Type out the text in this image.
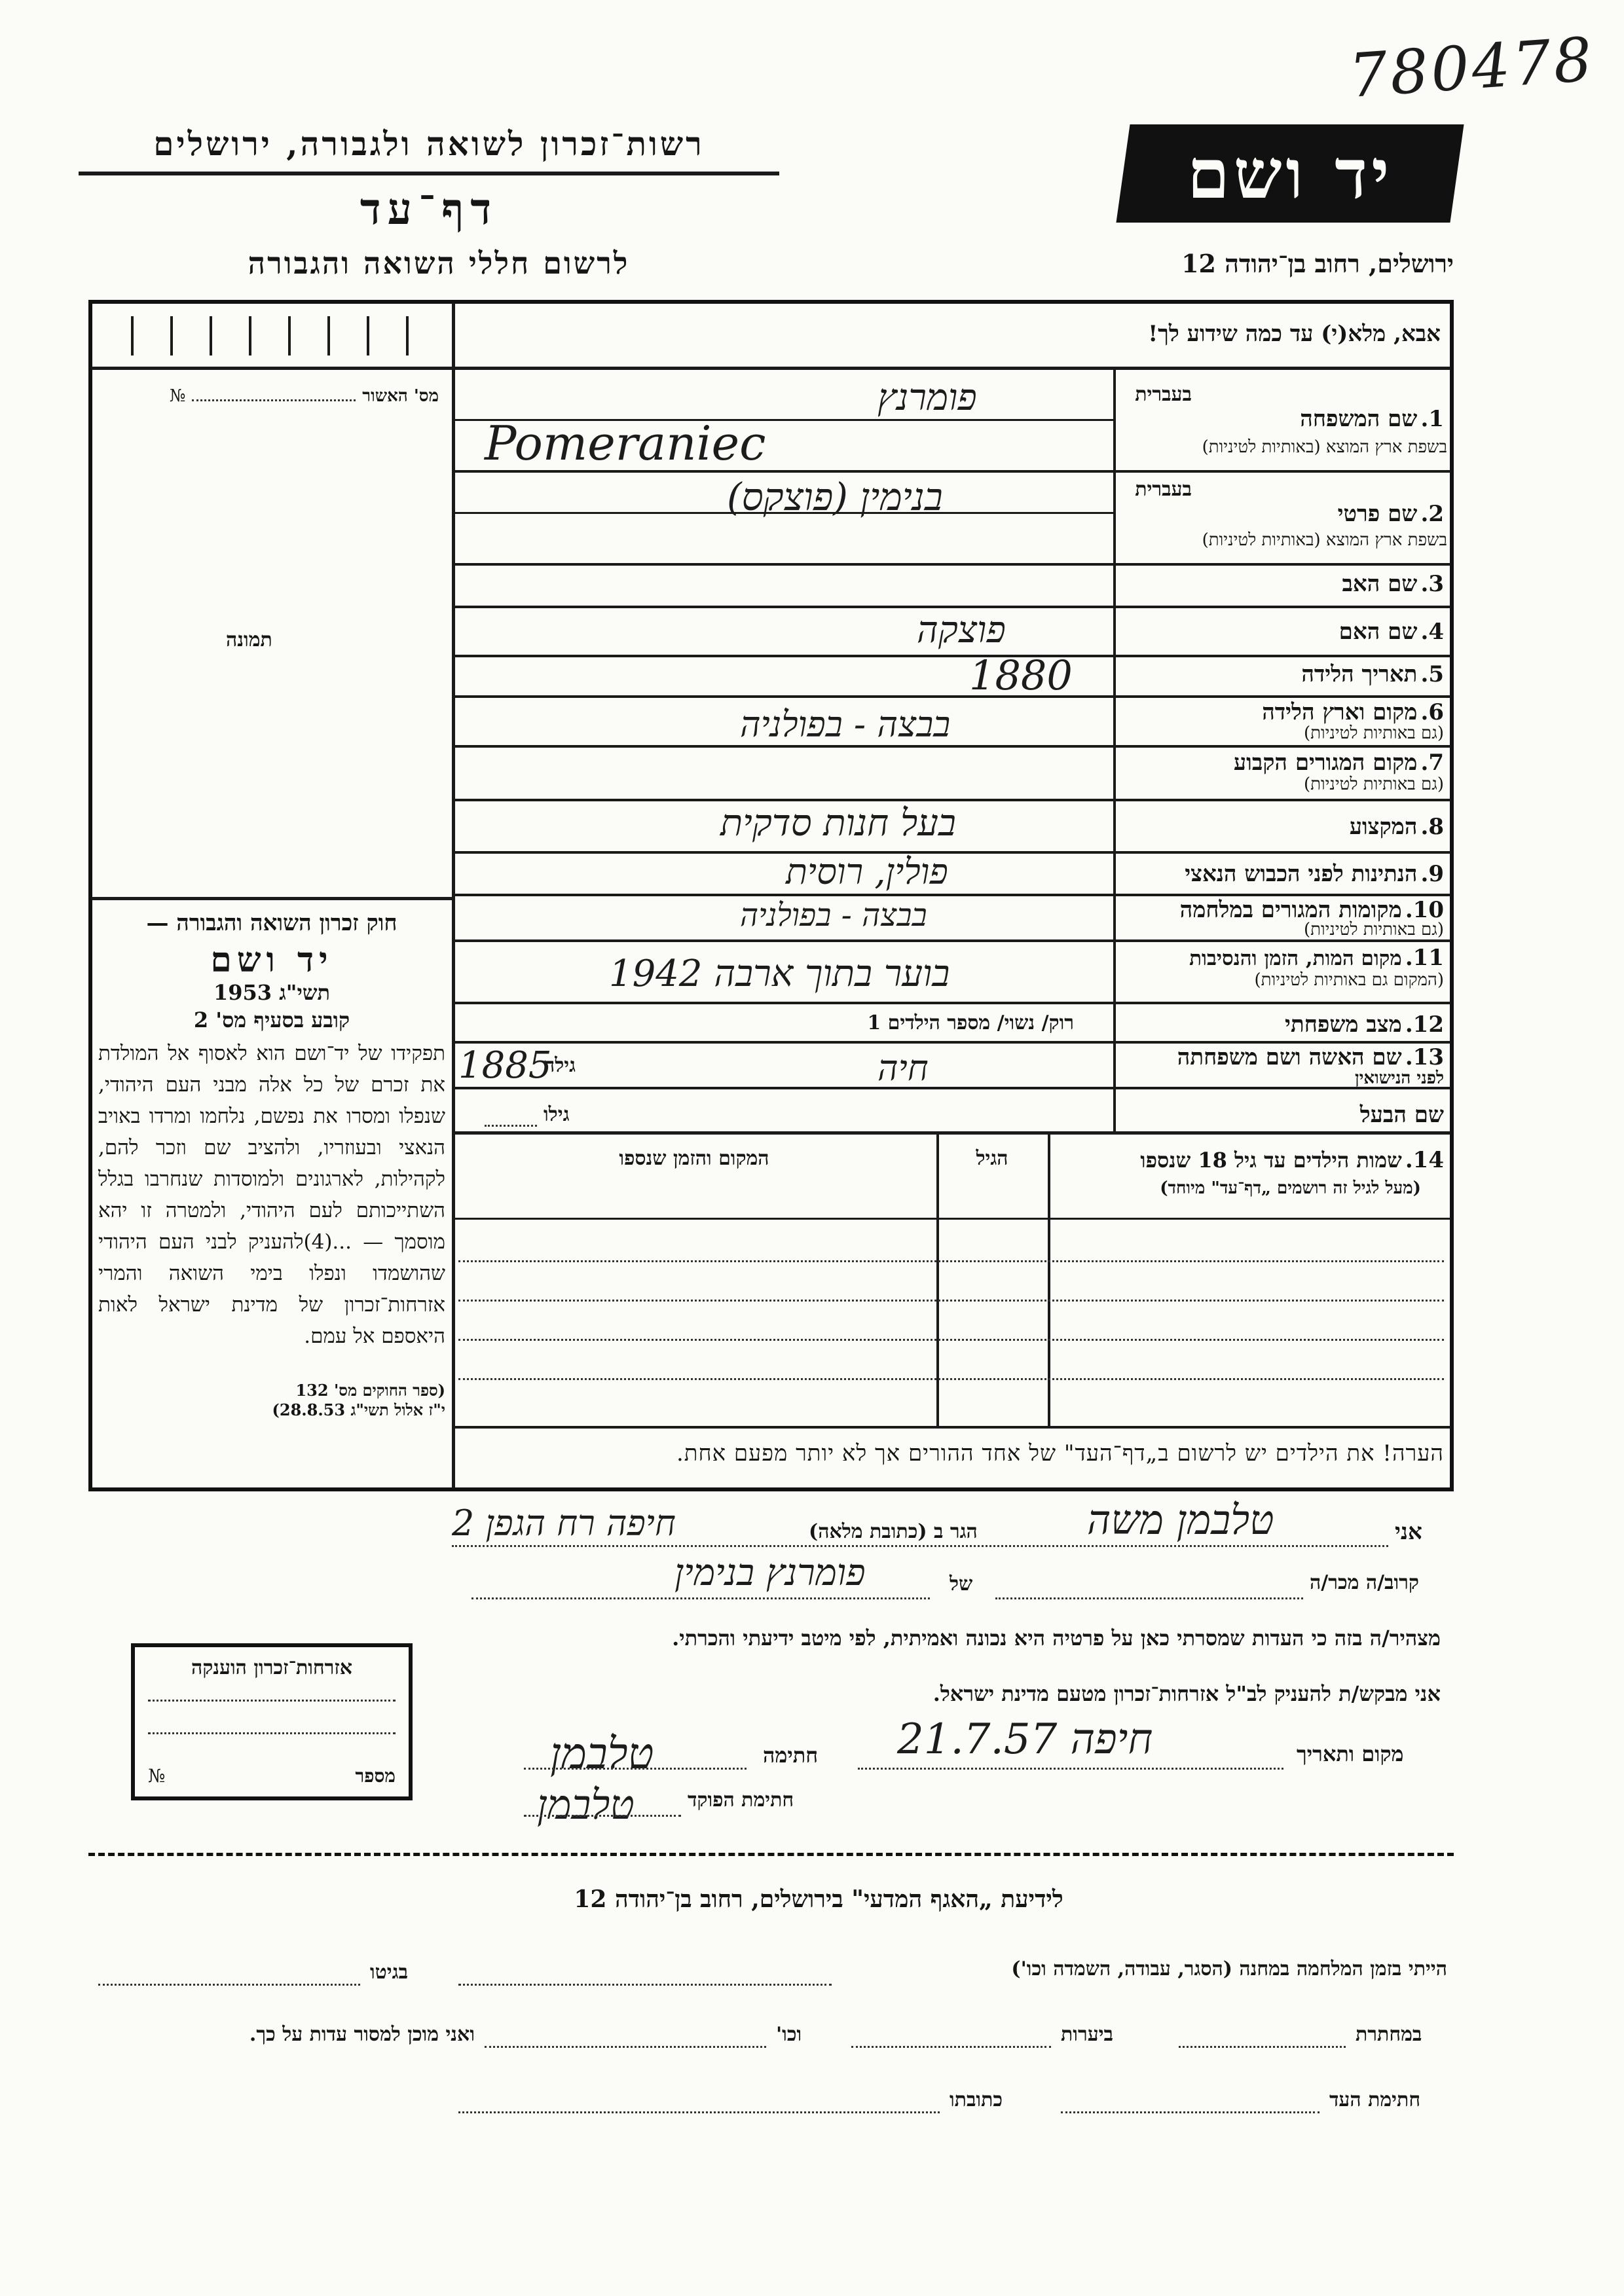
780478
רשות־זכרון לשואה ולגבורה, ירושלים
דף־עד
לרשום חללי השואה והגבורה
יד ושם
ירושלים, רחוב בן־יהודה 12
אבא, מלא(י) עד כמה שידוע לך!
מס' האשור
№
תמונה
חוק זכרון השואה והגבורה —
יד ושם
תשי"ג 1953
קובע בסעיף מס' 2
תפקידו של יד־ושם הוא לאסוף אל המולדת את זכרם של כל אלה מבני העם היהודי, שנפלו ומסרו את נפשם, נלחמו ומרדו באויב הנאצי ובעוזריו, ולהציב שם וזכר להם, לקהילות, לארגונים ולמוסדות שנחרבו בגלל השתייכותם לעם היהודי, ולמטרה זו יהא מוסמך — ...(4)להעניק לבני העם היהודי שהושמדו ונפלו בימי השואה והמרי אזרחות־זכרון של מדינת ישראל לאות היאספם אל עמם.
(ספר החוקים מס' 132
י"ז אלול תשי"ג 28.8.53)
בעברית
1. שם המשפחה
בשפת ארץ המוצא (באותיות לטיניות)
פומרנץ
Pomeraniec
בעברית
2. שם פרטי
בשפת ארץ המוצא (באותיות לטיניות)
בנימין (פוצקס)
3. שם האב
4. שם האם
פוצקה
5. תאריך הלידה
1880
6. מקום וארץ הלידה
(גם באותיות לטיניות)
בבצה - בפולניה
7. מקום המגורים הקבוע
(גם באותיות לטיניות)
8. המקצוע
בעל חנות סדקית
9. הנתינות לפני הכבוש הנאצי
פולין, רוסית
10. מקומות המגורים במלחמה
(גם באותיות לטיניות)
בבצה - בפולניה
11. מקום המות, הזמן והנסיבות
(המקום גם באותיות לטיניות)
בוער בתוך ארבה 1942
12. מצב משפחתי
רוק/ נשוי/ מספר הילדים 1
13. שם האשה ושם משפחתה
לפני הנישואין
חיה
גילה
1885
שם הבעל
גילו
14. שמות הילדים עד גיל 18 שנספו
(מעל לגיל זה רושמים „דף־עד" מיוחד)
הגיל
המקום והזמן שנספו
הערה! את הילדים יש לרשום ב„דף־העד" של אחד ההורים אך לא יותר מפעם אחת.
אני
טלבמן משה
הגר ב (כתובת מלאה)
חיפה רח הגפן 2
קרוב/ה מכר/ה
של
פומרנץ בנימין
מצהיר/ה בזה כי העדות שמסרתי כאן על פרטיה היא נכונה ואמיתית, לפי מיטב ידיעתי והכרתי.
אני מבקש/ת להעניק לב"ל אזרחות־זכרון מטעם מדינת ישראל.
מקום ותאריך
חיפה 21.7.57
חתימה
טלבמן
חתימת הפוקד
טלבמן
אזרחות־זכרון הוענקה
מספר
№
לידיעת „האגף המדעי" בירושלים, רחוב בן־יהודה 12
הייתי בזמן המלחמה במחנה (הסגר, עבודה, השמדה וכו')
בגיטו
במחתרת
ביערות
וכו'
ואני מוכן למסור עדות על כך.
חתימת העד
כתובתו
